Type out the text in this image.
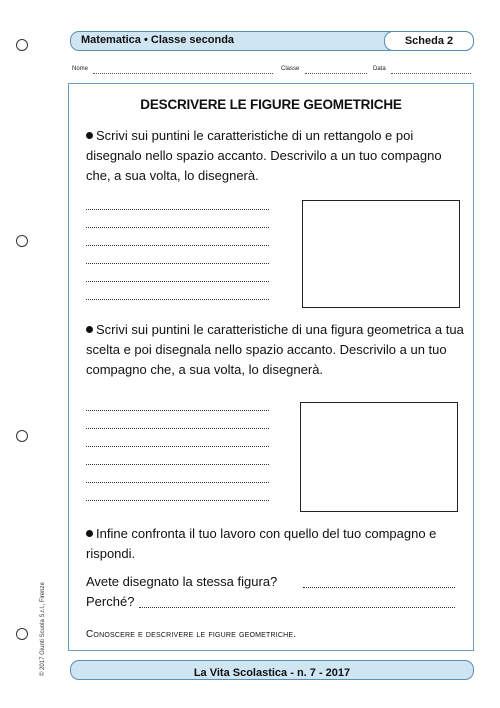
Matematica • Classe seconda	Scheda 2
Nome	Classe	Data
DESCRIVERE LE FIGURE GEOMETRICHE
Scrivi sui puntini le caratteristiche di un rettangolo e poi disegnalo nello spazio accanto. Descrivilo a un tuo compagno che, a sua volta, lo disegnerà.
Scrivi sui puntini le caratteristiche di una figura geometrica a tua scelta e poi disegnala nello spazio accanto. Descrivilo a un tuo compagno che, a sua volta, lo disegnerà.
Infine confronta il tuo lavoro con quello del tuo compagno e rispondi.
Avete disegnato la stessa figura?
Perché?
Conoscere e descrivere le figure geometriche.
© 2017 Giunti Scuola S.r.l., Firenze	La Vita Scolastica - n. 7 - 2017
